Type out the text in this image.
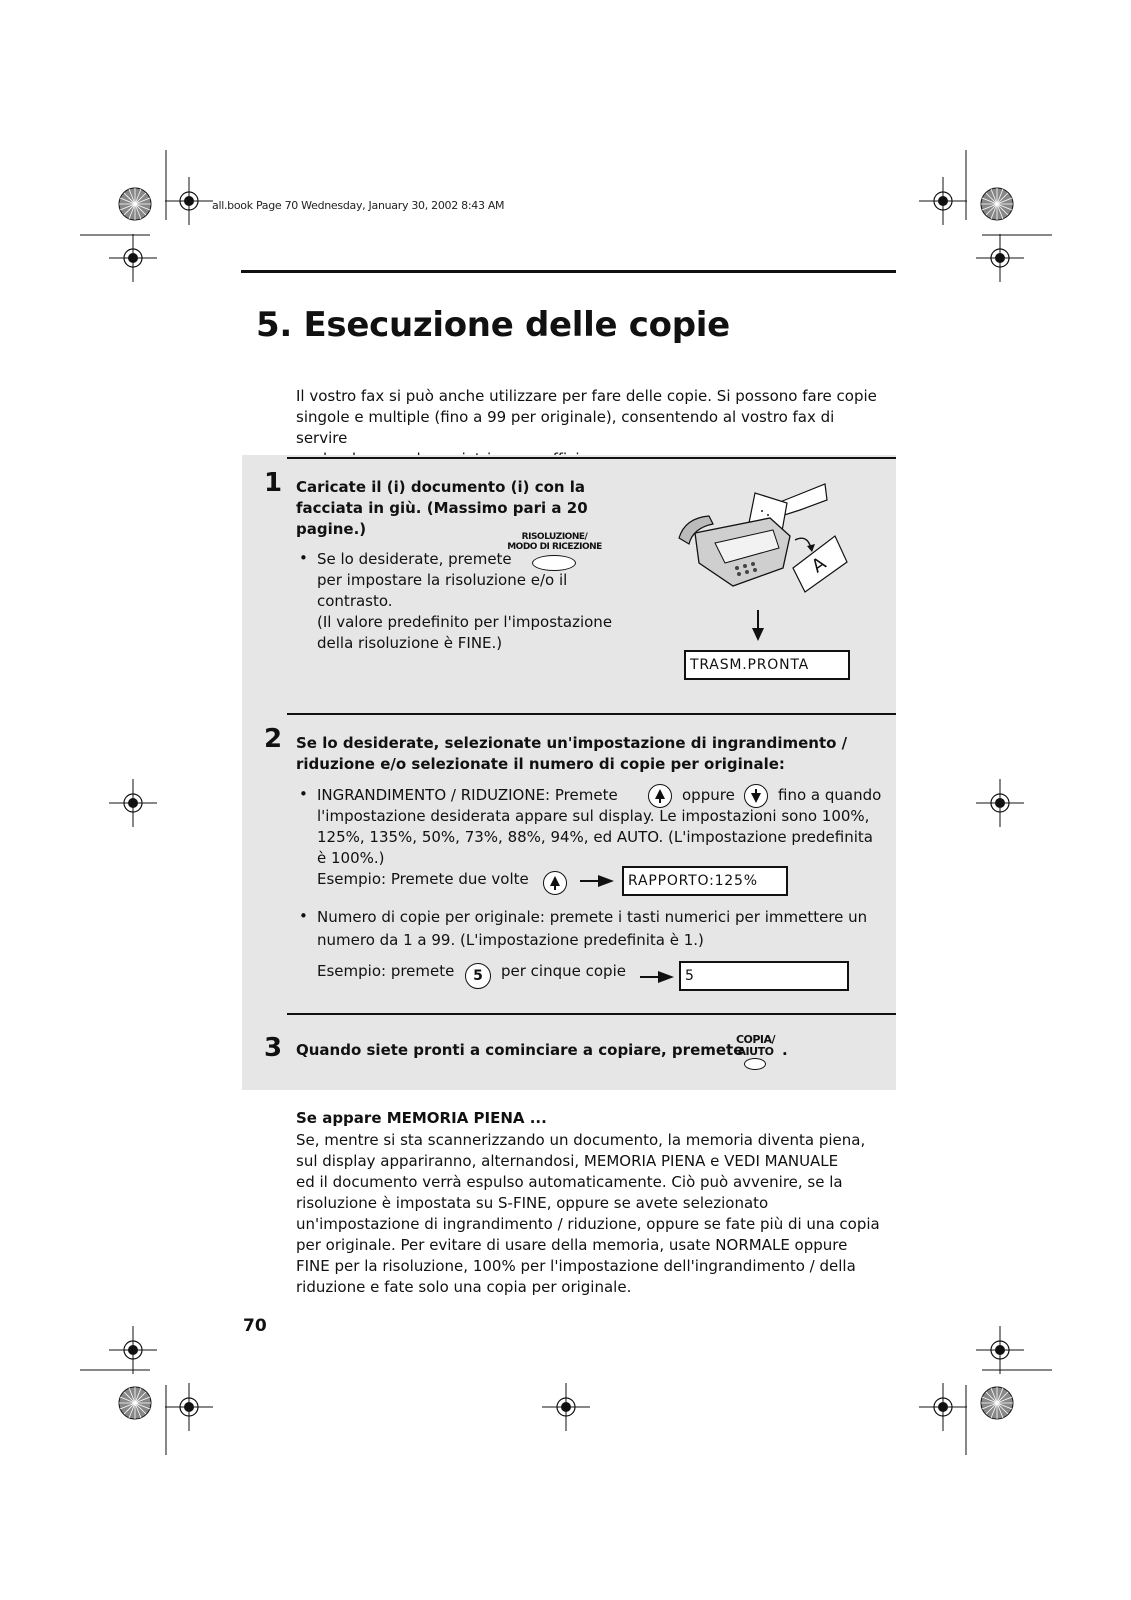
all.book Page 70 Wednesday, January 30, 2002 8:43 AM
5. Esecuzione delle copie
Il vostro fax si può anche utilizzare per fare delle copie. Si possono fare copie
singole e multiple (fino a 99 per originale), consentendo al vostro fax di servire
1 Caricate il (i) documento (i) con la
facciata in giù. (Massimo pari a 20
pagine.)	RISOLUZIONE/
MODO DI RICEZIONE
• Se lo desiderate, premete
per impostare la risoluzione e/o il
contrasto.
(Il valore predefinito per l'impostazione
della risoluzione è FINE.)
A
TRASM.PRONTA
2 Se lo desiderate, selezionate un'impostazione di ingrandimento /
riduzione e/o selezionate il numero di copie per originale:
• INGRANDIMENTO / RIDUZIONE: Premete	oppure	fino a quando
l'impostazione desiderata appare sul display. Le impostazioni sono 100%,
125%, 135%, 50%, 73%, 88%, 94%, ed AUTO. (L'impostazione predefinita
è 100%.)
Esempio: Premete due volte	RAPPORTO:125%
• Numero di copie per originale: premete i tasti numerici per immettere un
numero da 1 a 99. (L'impostazione predefinita è 1.)
Esempio: premete 5 per cinque copie	5
3 Quando siete pronti a cominciare a copiare, premete
COPIA/
AIUTO .
Se appare MEMORIA PIENA ...
Se, mentre si sta scannerizzando un documento, la memoria diventa piena,
sul display appariranno, alternandosi, MEMORIA PIENA e VEDI MANUALE
ed il documento verrà espulso automaticamente. Ciò può avvenire, se la
risoluzione è impostata su S-FINE, oppure se avete selezionato
un'impostazione di ingrandimento / riduzione, oppure se fate più di una copia
per originale. Per evitare di usare della memoria, usate NORMALE oppure
FINE per la risoluzione, 100% per l'impostazione dell'ingrandimento / della
riduzione e fate solo una copia per originale.
70
